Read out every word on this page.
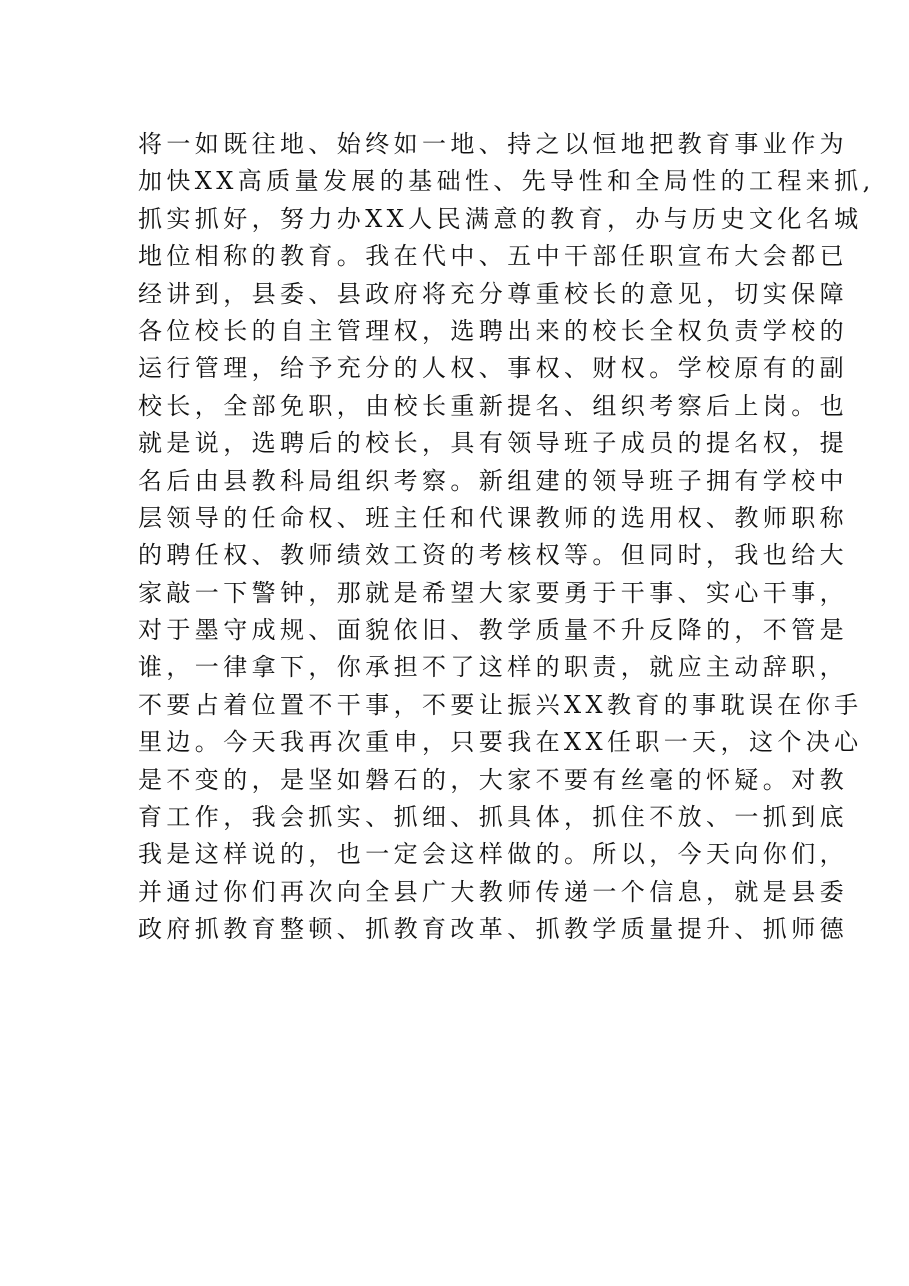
将一如既往地、始终如一地、持之以恒地把教育事业作为
加快XX高质量发展的基础性、先导性和全局性的工程来抓,
抓实抓好，努力办XX人民满意的教育，办与历史文化名城
地位相称的教育。我在代中、五中干部任职宣布大会都已
经讲到，县委、县政府将充分尊重校长的意见，切实保障
各位校长的自主管理权，选聘出来的校长全权负责学校的
运行管理，给予充分的人权、事权、财权。学校原有的副
校长，全部免职，由校长重新提名、组织考察后上岗。也
就是说，选聘后的校长，具有领导班子成员的提名权，提
名后由县教科局组织考察。新组建的领导班子拥有学校中
层领导的任命权、班主任和代课教师的选用权、教师职称
的聘任权、教师绩效工资的考核权等。但同时，我也给大
家敲一下警钟，那就是希望大家要勇于干事、实心干事，
对于墨守成规、面貌依旧、教学质量不升反降的，不管是
谁，一律拿下，你承担不了这样的职责，就应主动辞职，
不要占着位置不干事，不要让振兴XX教育的事耽误在你手
里边。今天我再次重申，只要我在XX任职一天，这个决心
是不变的，是坚如磐石的，大家不要有丝毫的怀疑。对教
育工作，我会抓实、抓细、抓具体，抓住不放、一抓到底
我是这样说的，也一定会这样做的。所以，今天向你们，
并通过你们再次向全县广大教师传递一个信息，就是县委
政府抓教育整顿、抓教育改革、抓教学质量提升、抓师德
